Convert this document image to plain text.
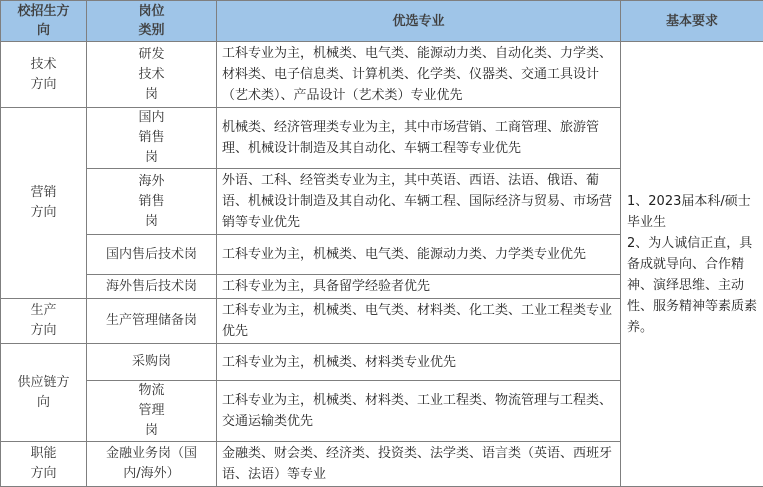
校招生方向	岗位类别	优选专业	基本要求

技术方向	研发技术岗	工科专业为主，机械类、电气类、能源动力类、自动化类、力学类、材料类、电子信息类、计算机类、化学类、仪器类、交通工具设计（艺术类）、产品设计（艺术类）专业优先	1、2023届本科/硕士毕业生
2、为人诚信正直，具备成就导向、合作精神、演绎思维、主动性、服务精神等素质素养。

营销方向	国内销售岗	机械类、经济管理类专业为主，其中市场营销、工商管理、旅游管理、机械设计制造及其自动化、车辆工程等专业优先	

	海外销售岗	外语、工科、经管类专业为主，其中英语、西语、法语、俄语、葡语、机械设计制造及其自动化、车辆工程、国际经济与贸易、市场营销等专业优先	
	国内售后技术岗	工科专业为主，机械类、电气类、能源动力类、力学类专业优先	
	海外售后技术岗	工科专业为主，具备留学经验者优先	

生产方向	生产管理储备岗	工科专业为主，机械类、电气类、材料类、化工类、工业工程类专业优先	

供应链方向	采购岗	工科专业为主，机械类、材料类专业优先	

	物流管理岗	工科专业为主，机械类、材料类、工业工程类、物流管理与工程类、交通运输类优先	

职能方向	金融业务岗（国内/海外）	金融类、财会类、经济类、投资类、法学类、语言类（英语、西班牙语、法语）等专业	
